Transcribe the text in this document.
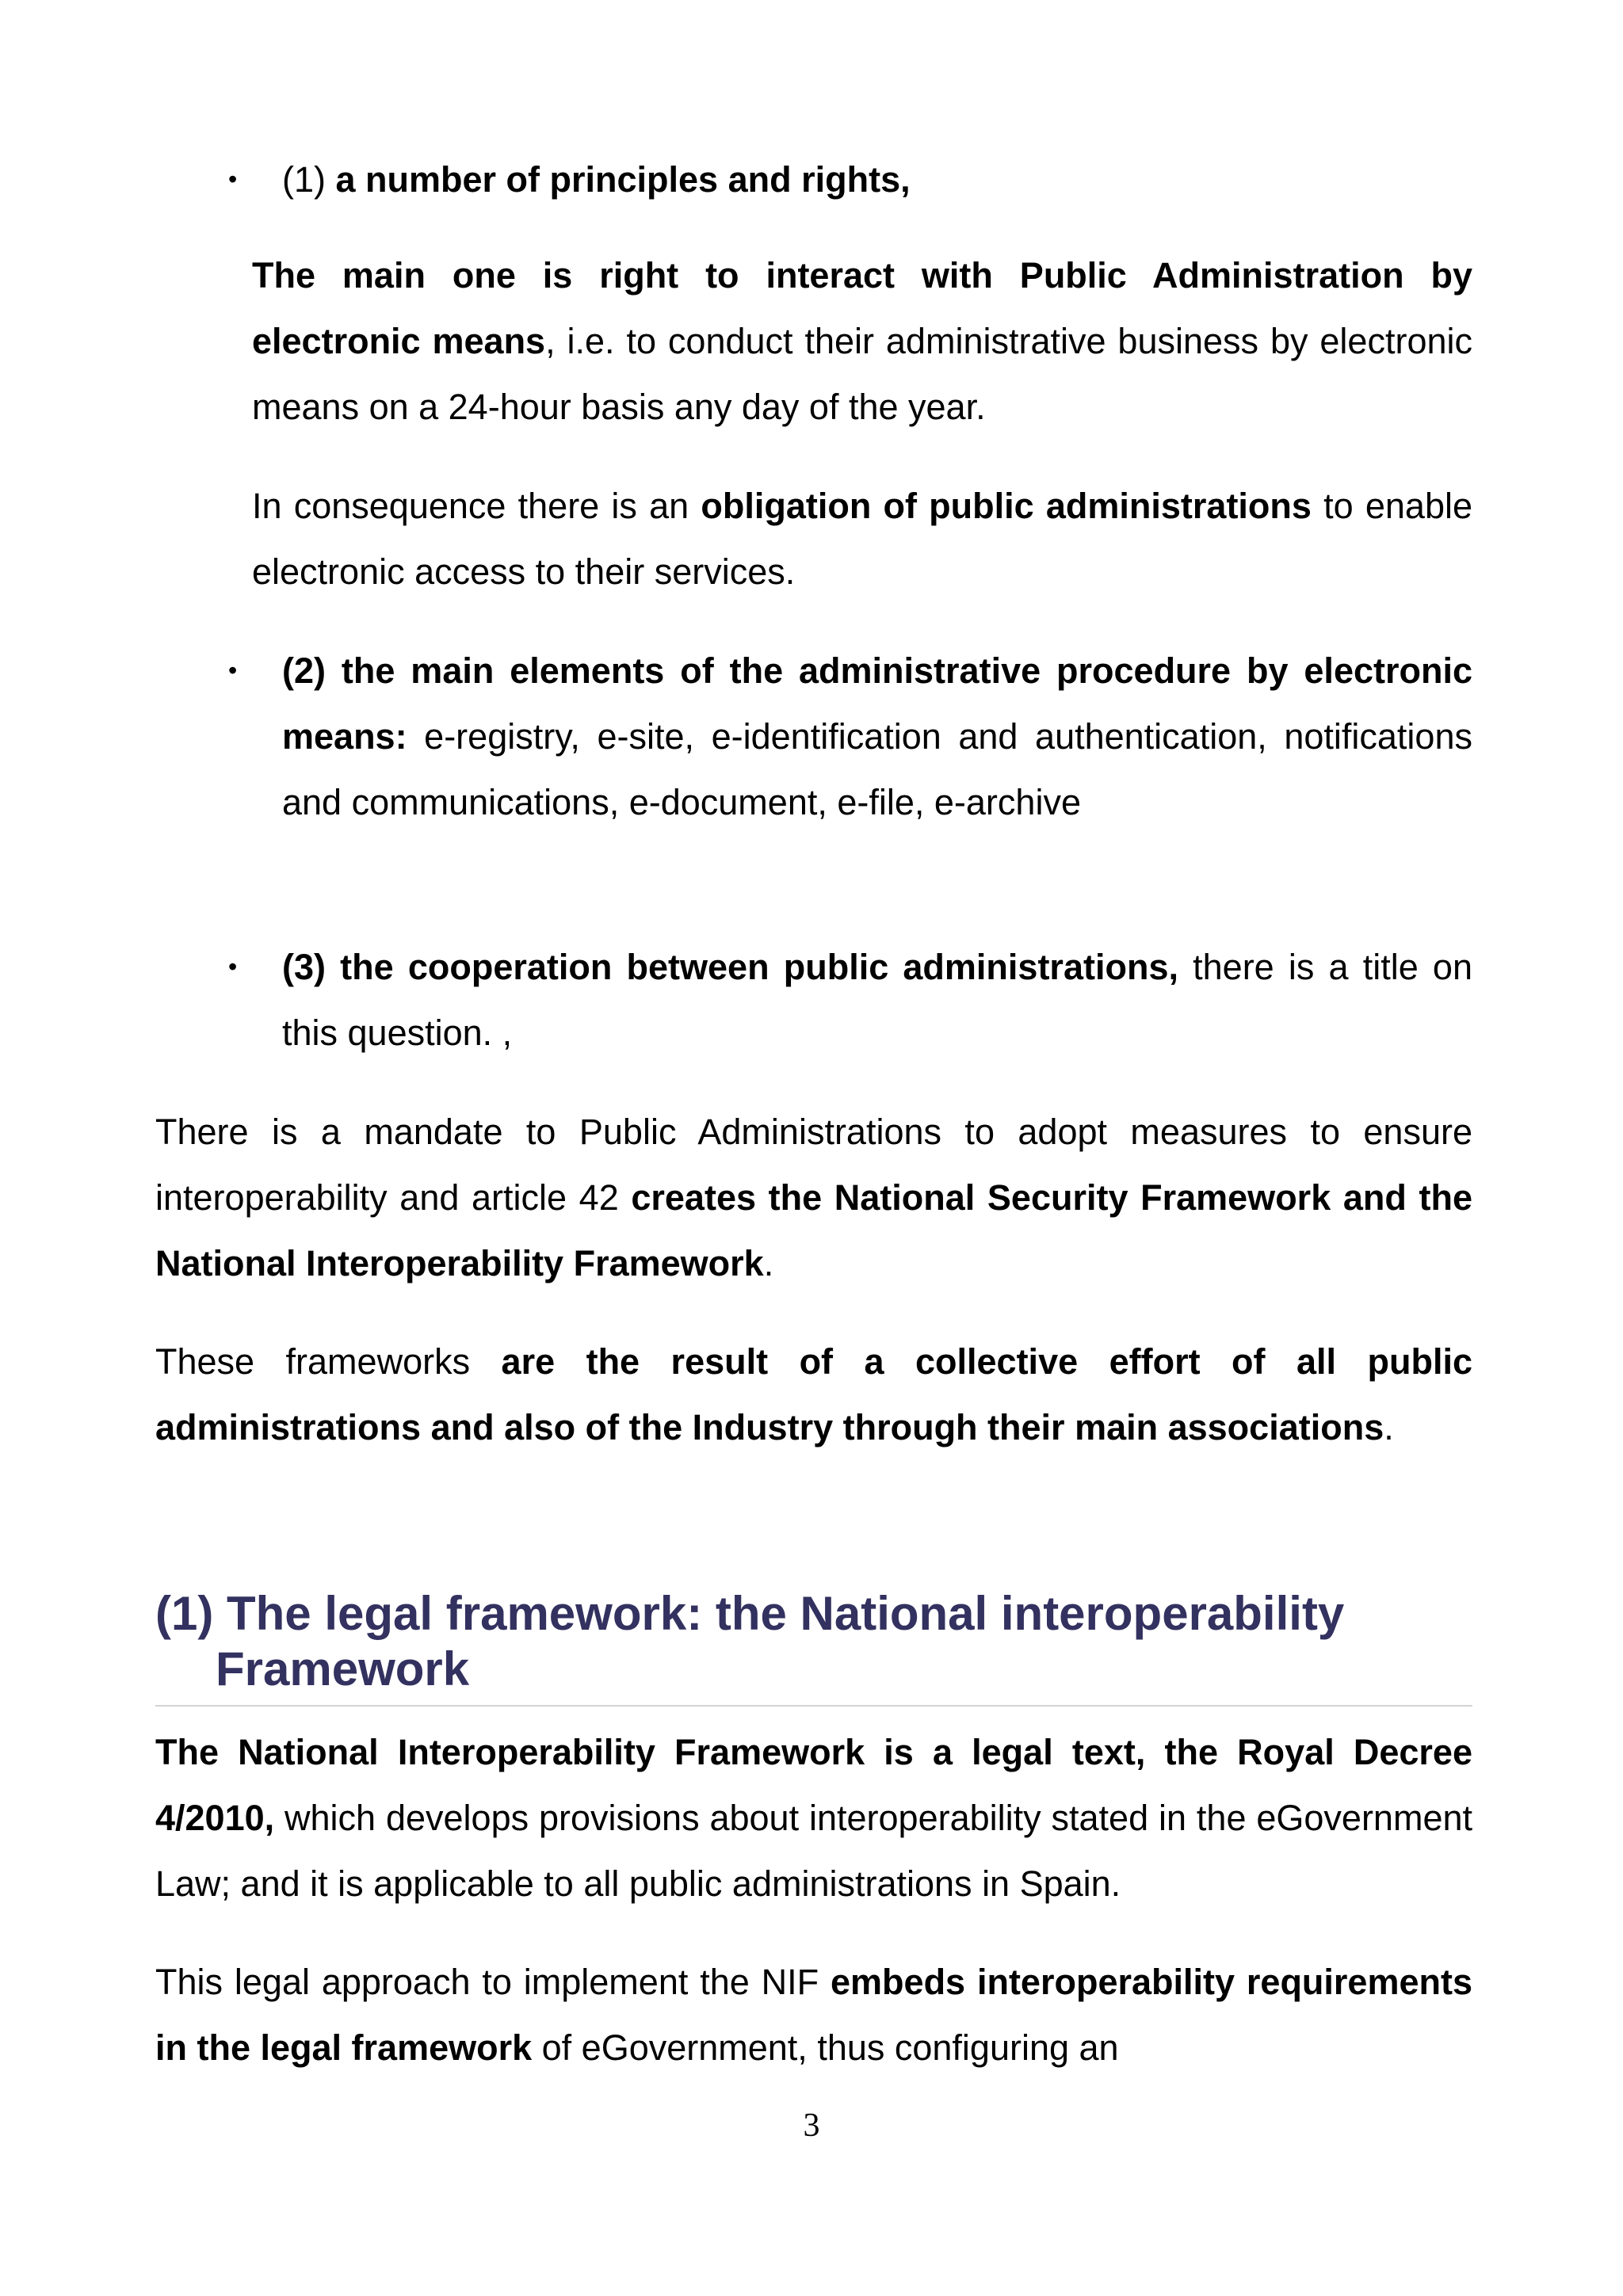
•	(1) a number of principles and rights,
The main one is right to interact with Public Administration by electronic means, i.e. to conduct their administrative business by electronic means on a 24-hour basis any day of the year.
In consequence there is an obligation of public administrations to enable electronic access to their services.
•	(2) the main elements of the administrative procedure by electronic means: e-registry, e-site, e-identification and authentication, notifications and communications, e-document, e-file, e-archive
•	(3) the cooperation between public administrations, there is a title on this question. ,
There is a mandate to Public Administrations to adopt measures to ensure interoperability and article 42 creates the National Security Framework and the National Interoperability Framework.
These frameworks are the result of a collective effort of all public administrations and also of the Industry through their main associations.
(1) The legal framework: the National interoperability Framework
The National Interoperability Framework is a legal text, the Royal Decree 4/2010, which develops provisions about interoperability stated in the eGovernment Law; and it is applicable to all public administrations in Spain.
This legal approach to implement the NIF embeds interoperability requirements in the legal framework of eGovernment, thus configuring an
3
